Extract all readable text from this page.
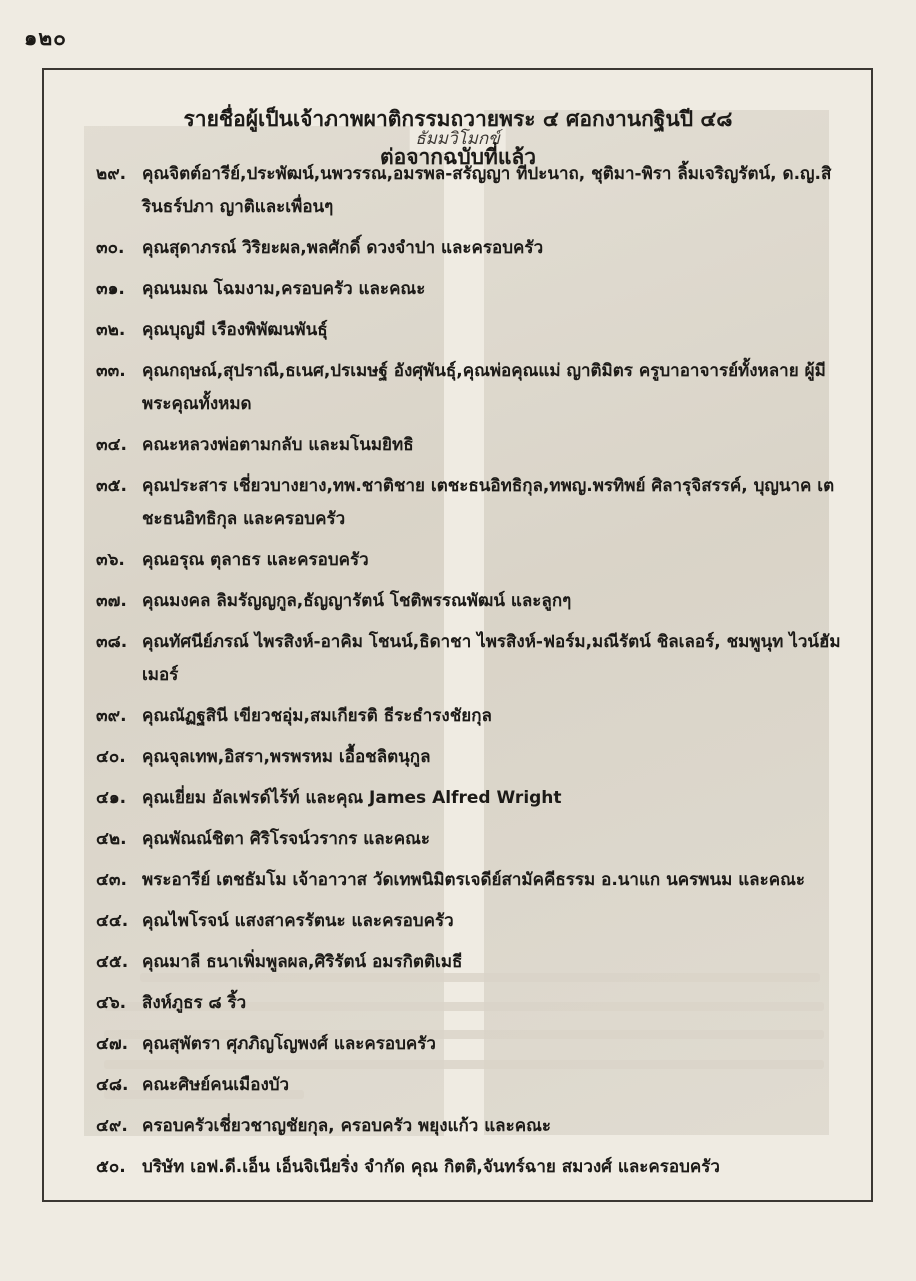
๑๒๐
ธัมมวิโมกข์
รายชื่อผู้เป็นเจ้าภาพผาติกรรมถวายพระ ๔ ศอกงานกฐินปี ๔๘
ต่อจากฉบับที่แล้ว
๒๙. คุณจิตต์อารีย์,ประพัฒน์,นพวรรณ,อมรพล-สรัญญา ทีปะนาถ, ชุติมา-พิรา ลิ้มเจริญรัตน์, ด.ญ.สิรินธร์ปภา ญาติและเพื่อนๆ
๓๐. คุณสุดาภรณ์ วิริยะผล,พลศักดิ์ ดวงจำปา และครอบครัว
๓๑. คุณนมณ โฉมงาม,ครอบครัว และคณะ
๓๒. คุณบุญมี เรืองพิพัฒนพันธุ์
๓๓. คุณกฤษณ์,สุปราณี,ธเนศ,ปรเมษฐ์ อังศุพันธุ์,คุณพ่อคุณแม่ ญาติมิตร ครูบาอาจารย์ทั้งหลาย ผู้มีพระคุณทั้งหมด
๓๔. คณะหลวงพ่อตามกลับ และมโนมยิทธิ
๓๕. คุณประสาร เชี่ยวบางยาง,ทพ.ชาติชาย เตชะธนอิทธิกุล,ทพญ.พรทิพย์ ศิลารุจิสรรค์, บุญนาค เตชะธนอิทธิกุล และครอบครัว
๓๖. คุณอรุณ ตุลาธร และครอบครัว
๓๗. คุณมงคล ลิมรัญญกูล,ธัญญารัตน์ โชติพรรณพัฒน์ และลูกๆ
๓๘. คุณทัศนีย์ภรณ์ ไพรสิงห์-อาคิม โชนน์,ธิดาชา ไพรสิงห์-ฟอร์ม,มณีรัตน์ ชิลเลอร์, ชมพูนุท ไวน์ฮัมเมอร์
๓๙. คุณณัฏฐสินี เขียวชอุ่ม,สมเกียรติ ธีระธำรงชัยกุล
๔๐. คุณจุลเทพ,อิสรา,พรพรหม เอื้อชลิตนุกูล
๔๑. คุณเยี่ยม อัลเฟรด์ไร้ท์ และคุณ James Alfred Wright
๔๒. คุณพัณณ์ชิตา ศิริโรจน์วรากร และคณะ
๔๓. พระอารีย์ เตชธัมโม เจ้าอาวาส วัดเทพนิมิตรเจดีย์สามัคคีธรรม อ.นาแก นครพนม และคณะ
๔๔. คุณไพโรจน์ แสงสาครรัตนะ และครอบครัว
๔๕. คุณมาลี ธนาเพิ่มพูลผล,ศิริรัตน์ อมรกิตติเมธี
๔๖. สิงห์ภูธร ๘ ริ้ว
๔๗. คุณสุพัตรา ศุภภิญโญพงศ์ และครอบครัว
๔๘. คณะศิษย์คนเมืองบัว
๔๙. ครอบครัวเชี่ยวชาญชัยกุล, ครอบครัว พยุงแก้ว และคณะ
๕๐. บริษัท เอฟ.ดี.เอ็น เอ็นจิเนียริ่ง จำกัด คุณ กิตติ,จันทร์ฉาย สมวงศ์ และครอบครัว
